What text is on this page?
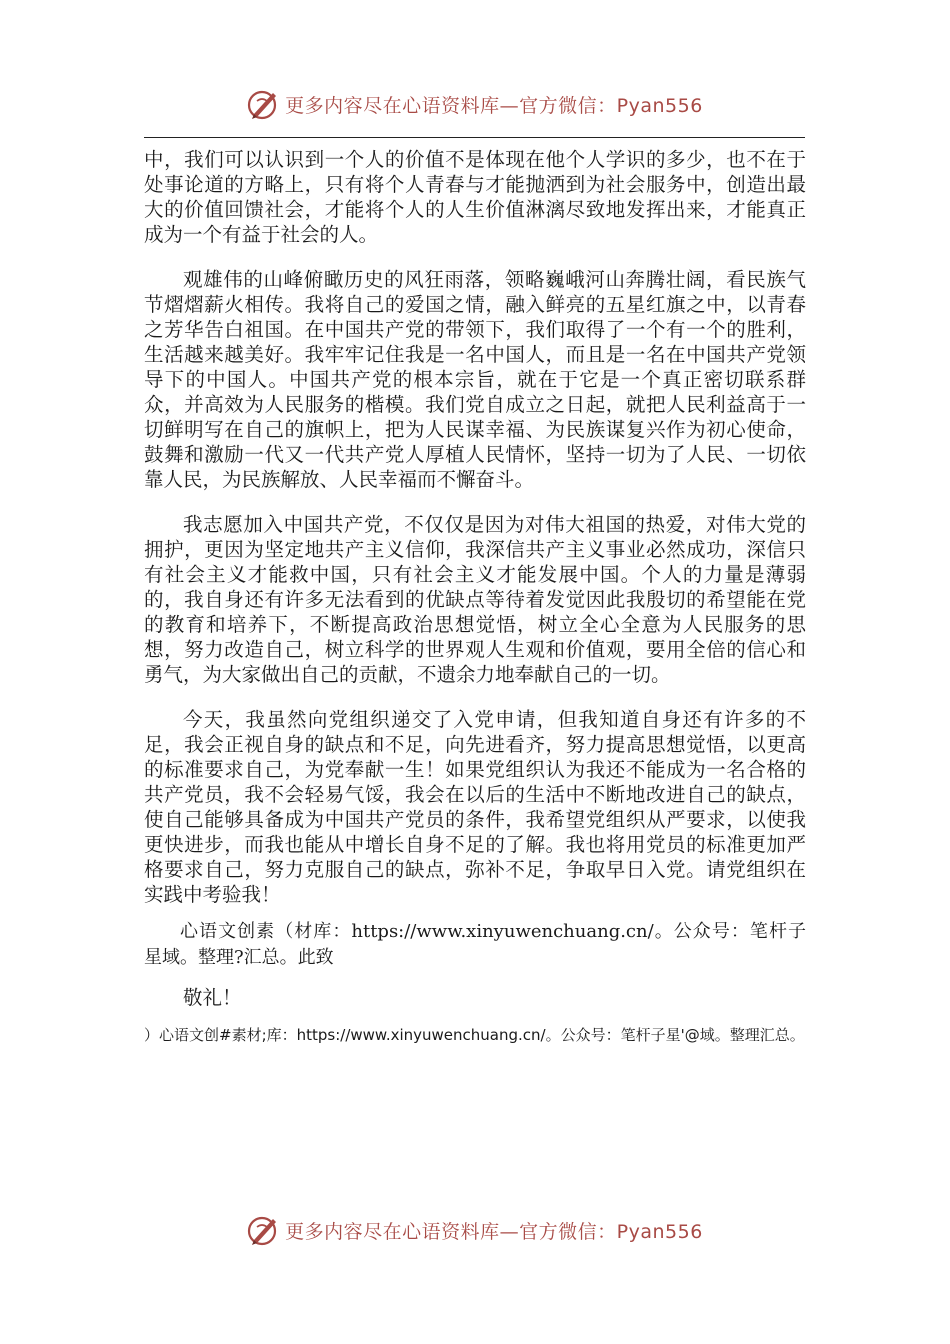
更多内容尽在心语资料库—官方微信：Pyan556

中，我们可以认识到一个人的价值不是体现在他个人学识的多少，也不在于处事论道的方略上，只有将个人青春与才能抛洒到为社会服务中，创造出最大的价值回馈社会，才能将个人的人生价值淋漓尽致地发挥出来，才能真正成为一个有益于社会的人。

观雄伟的山峰俯瞰历史的风狂雨落，领略巍峨河山奔腾壮阔，看民族气节熠熠薪火相传。我将自己的爱国之情，融入鲜亮的五星红旗之中，以青春之芳华告白祖国。在中国共产党的带领下，我们取得了一个有一个的胜利，生活越来越美好。我牢牢记住我是一名中国人，而且是一名在中国共产党领导下的中国人。中国共产党的根本宗旨，就在于它是一个真正密切联系群众，并高效为人民服务的楷模。我们党自成立之日起，就把人民利益高于一切鲜明写在自己的旗帜上，把为人民谋幸福、为民族谋复兴作为初心使命，鼓舞和激励一代又一代共产党人厚植人民情怀，坚持一切为了人民、一切依靠人民，为民族解放、人民幸福而不懈奋斗。

我志愿加入中国共产党，不仅仅是因为对伟大祖国的热爱，对伟大党的拥护，更因为坚定地共产主义信仰，我深信共产主义事业必然成功，深信只有社会主义才能救中国，只有社会主义才能发展中国。个人的力量是薄弱的，我自身还有许多无法看到的优缺点等待着发觉因此我殷切的希望能在党的教育和培养下，不断提高政治思想觉悟，树立全心全意为人民服务的思想，努力改造自己，树立科学的世界观人生观和价值观，要用全倍的信心和勇气，为大家做出自己的贡献，不遗余力地奉献自己的一切。

今天，我虽然向党组织递交了入党申请，但我知道自身还有许多的不足，我会正视自身的缺点和不足，向先进看齐，努力提高思想觉悟，以更高的标准要求自己，为党奉献一生！如果党组织认为我还不能成为一名合格的共产党员，我不会轻易气馁，我会在以后的生活中不断地改进自己的缺点，使自己能够具备成为中国共产党员的条件，我希望党组织从严要求，以使我更快进步，而我也能从中增长自身不足的了解。我也将用党员的标准更加严格要求自己，努力克服自己的缺点，弥补不足，争取早日入党。请党组织在实践中考验我！

心语文创素（材库：https://www.xinyuwenchuang.cn/。公众号：笔杆子星域。整理?汇总。此致

敬礼！

）心语文创#素材;库：https://www.xinyuwenchuang.cn/。公众号：笔杆子星'@域。整理汇总。

更多内容尽在心语资料库—官方微信：Pyan556
